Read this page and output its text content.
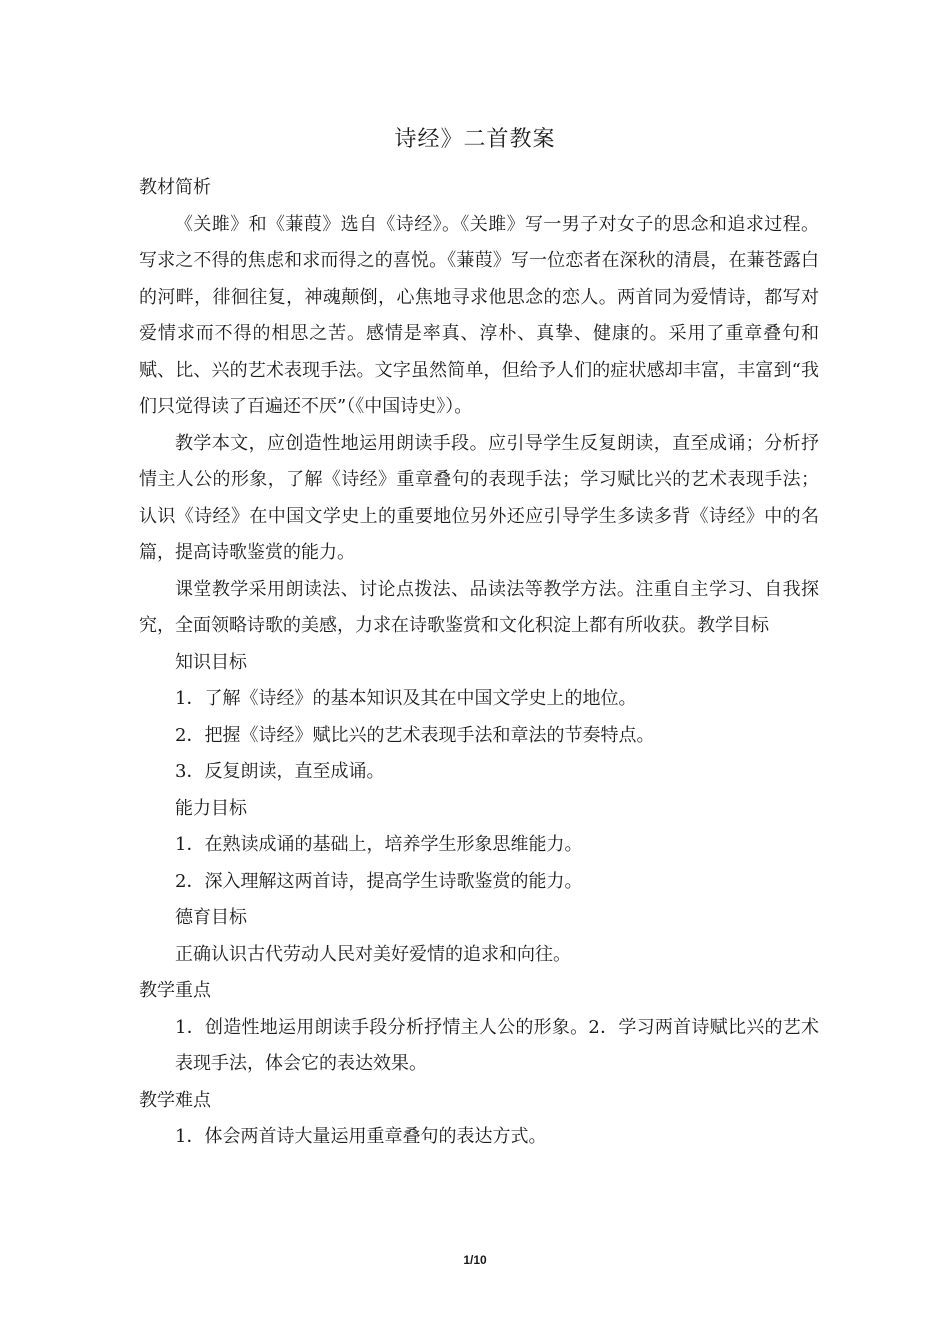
诗经》二首教案

教材简析

《关雎》和《蒹葭》选自《诗经》。《关雎》写一男子对女子的思念和追求过程。写求之不得的焦虑和求而得之的喜悦。《蒹葭》写一位恋者在深秋的清晨，在蒹苍露白的河畔，徘徊往复，神魂颠倒，心焦地寻求他思念的恋人。两首同为爱情诗，都写对爱情求而不得的相思之苦。感情是率真、淳朴、真挚、健康的。采用了重章叠句和赋、比、兴的艺术表现手法。文字虽然简单，但给予人们的症状感却丰富，丰富到“我们只觉得读了百遍还不厌”（《中国诗史》）。

教学本文，应创造性地运用朗读手段。应引导学生反复朗读，直至成诵；分析抒情主人公的形象，了解《诗经》重章叠句的表现手法；学习赋比兴的艺术表现手法；认识《诗经》在中国文学史上的重要地位另外还应引导学生多读多背《诗经》中的名篇，提高诗歌鉴赏的能力。

课堂教学采用朗读法、讨论点拨法、品读法等教学方法。注重自主学习、自我探究，全面领略诗歌的美感，力求在诗歌鉴赏和文化积淀上都有所收获。教学目标

知识目标

1．了解《诗经》的基本知识及其在中国文学史上的地位。

2．把握《诗经》赋比兴的艺术表现手法和章法的节奏特点。

3．反复朗读，直至成诵。

能力目标

1．在熟读成诵的基础上，培养学生形象思维能力。

2．深入理解这两首诗，提高学生诗歌鉴赏的能力。

德育目标

正确认识古代劳动人民对美好爱情的追求和向往。

教学重点

1．创造性地运用朗读手段分析抒情主人公的形象。2．学习两首诗赋比兴的艺术表现手法，体会它的表达效果。

教学难点

1．体会两首诗大量运用重章叠句的表达方式。

1/10
